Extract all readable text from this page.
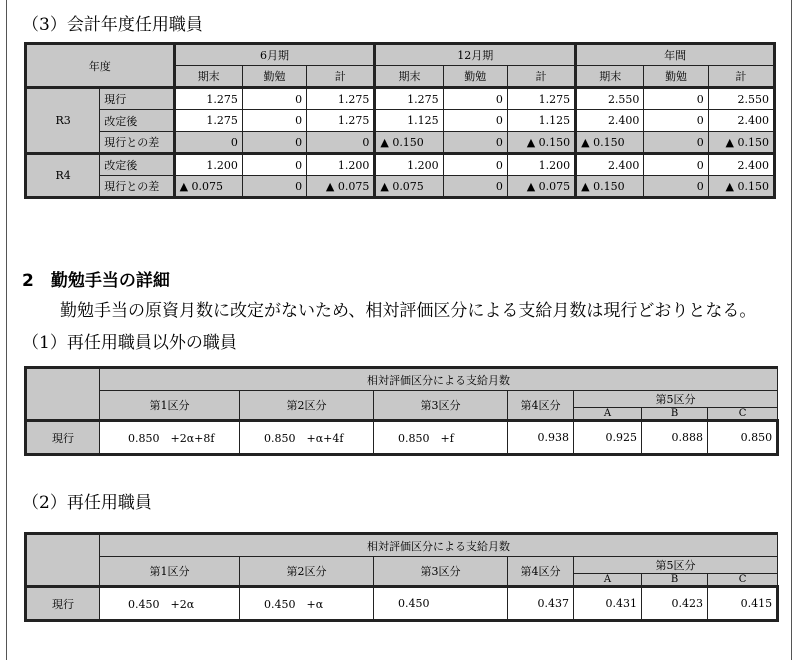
（3）会計年度任用職員
年度		6月期			12月期			年間		
		期末	勤勉	計	期末	勤勉	計	期末	勤勉	計
R3	現行	1.275	0	1.275	1.275	0	1.275	2.550	0	2.550
	改定後	1.275	0	1.275	1.125	0	1.125	2.400	0	2.400
	現行との差	0	0	0	▲ 0.150	0	▲ 0.150	▲ 0.150	0	▲ 0.150
R4	改定後	1.200	0	1.200	1.200	0	1.200	2.400	0	2.400
	現行との差	▲ 0.075	0	▲ 0.075	▲ 0.075	0	▲ 0.075	▲ 0.150	0	▲ 0.150
2　勤勉手当の詳細
勤勉手当の原資月数に改定がないため、相対評価区分による支給月数は現行どおりとなる。
（1）再任用職員以外の職員
	相対評価区分による支給月数						
	第1区分	第2区分	第3区分	第4区分	第5区分		
					A	B	C
現行	0.850　+2α+8f	0.850　+α+4f	0.850　+f	0.938	0.925	0.888	0.850
（2）再任用職員
	相対評価区分による支給月数						
	第1区分	第2区分	第3区分	第4区分	第5区分		
					A	B	C
現行	0.450　+2α	0.450　+α	0.450	0.437	0.431	0.423	0.415
